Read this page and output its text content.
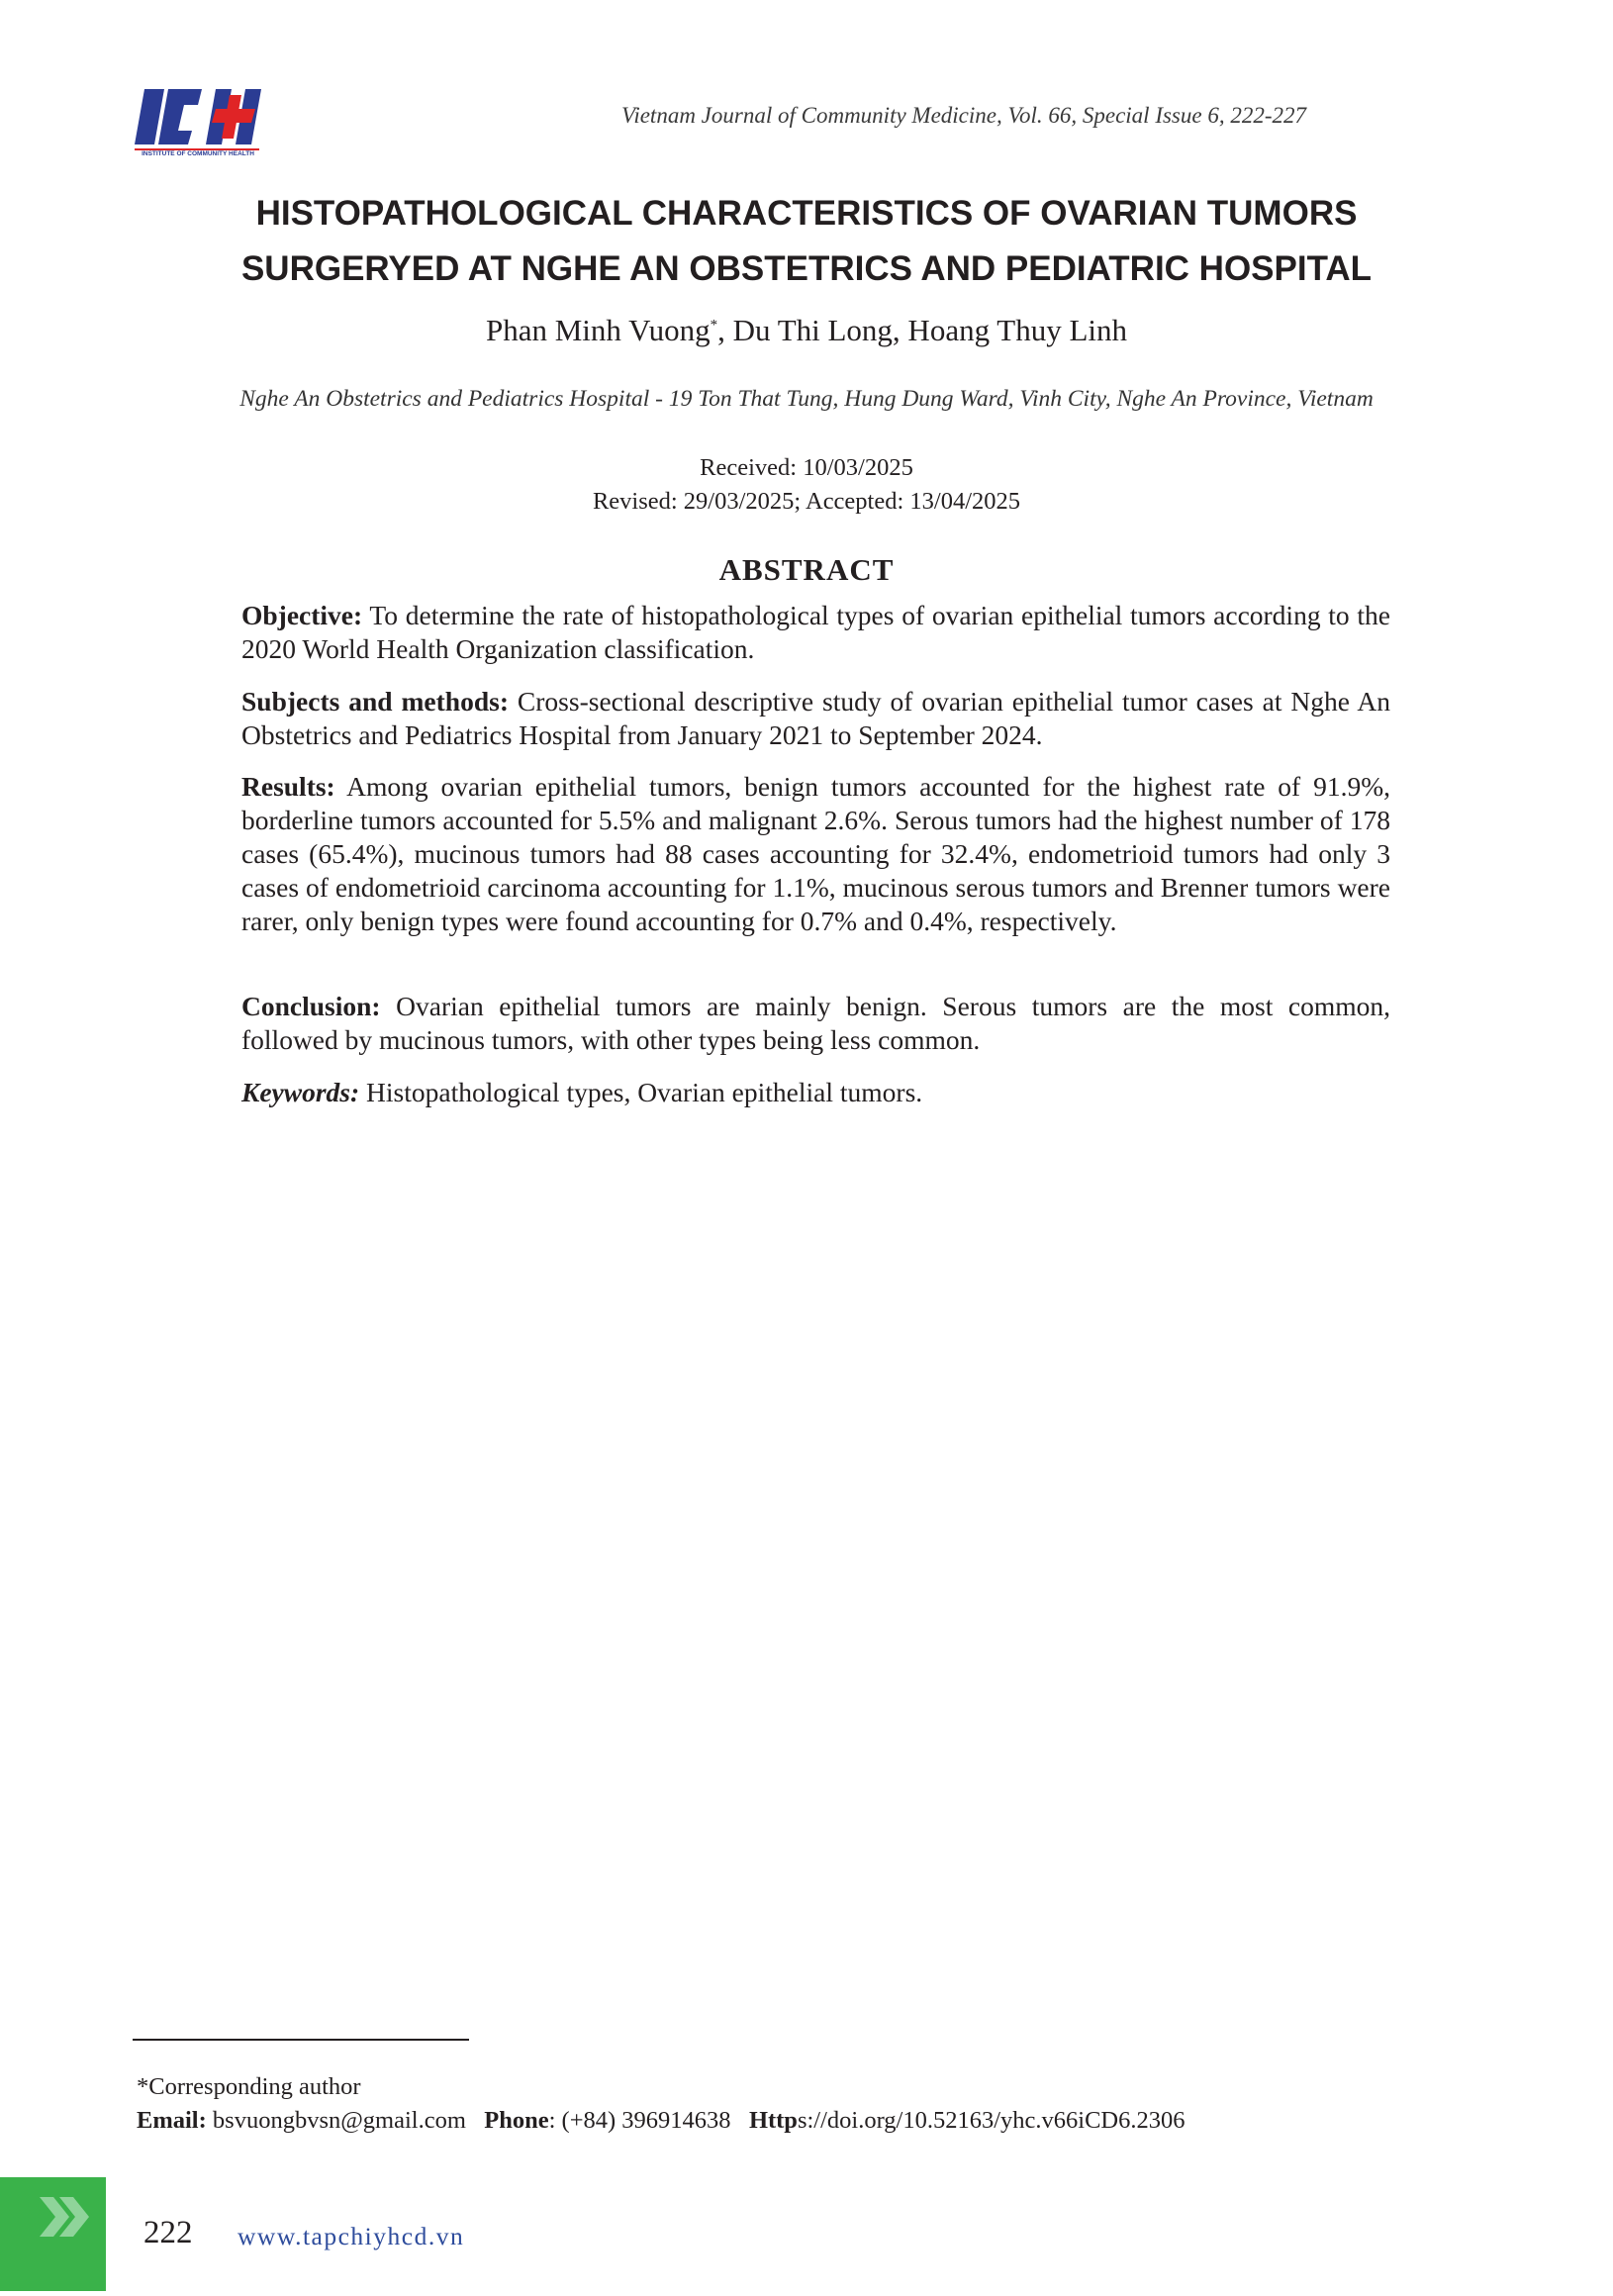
INSTITUTE OF COMMUNITY HEALTH
Vietnam Journal of Community Medicine, Vol. 66, Special Issue 6, 222-227
HISTOPATHOLOGICAL CHARACTERISTICS OF OVARIAN TUMORS
SURGERYED AT NGHE AN OBSTETRICS AND PEDIATRIC HOSPITAL
Phan Minh Vuong*, Du Thi Long, Hoang Thuy Linh
Nghe An Obstetrics and Pediatrics Hospital - 19 Ton That Tung, Hung Dung Ward, Vinh City, Nghe An Province, Vietnam
Received: 10/03/2025
Revised: 29/03/2025; Accepted: 13/04/2025
ABSTRACT
Objective: To determine the rate of histopathological types of ovarian epithelial tumors according to the 2020 World Health Organization classification.
Subjects and methods: Cross-sectional descriptive study of ovarian epithelial tumor cases at Nghe An Obstetrics and Pediatrics Hospital from January 2021 to September 2024.
Results: Among ovarian epithelial tumors, benign tumors accounted for the highest rate of 91.9%, borderline tumors accounted for 5.5% and malignant 2.6%. Serous tumors had the highest number of 178 cases (65.4%), mucinous tumors had 88 cases accounting for 32.4%, endometrioid tumors had only 3 cases of endometrioid carcinoma accounting for 1.1%, mucinous serous tumors and Brenner tumors were rarer, only benign types were found accounting for 0.7% and 0.4%, respectively.
Conclusion: Ovarian epithelial tumors are mainly benign. Serous tumors are the most common, followed by mucinous tumors, with other types being less common.
Keywords: Histopathological types, Ovarian epithelial tumors.
*Corresponding author
Email: bsvuongbvsn@gmail.com Phone: (+84) 396914638 Https://doi.org/10.52163/yhc.v66iCD6.2306
222 www.tapchiyhcd.vn
